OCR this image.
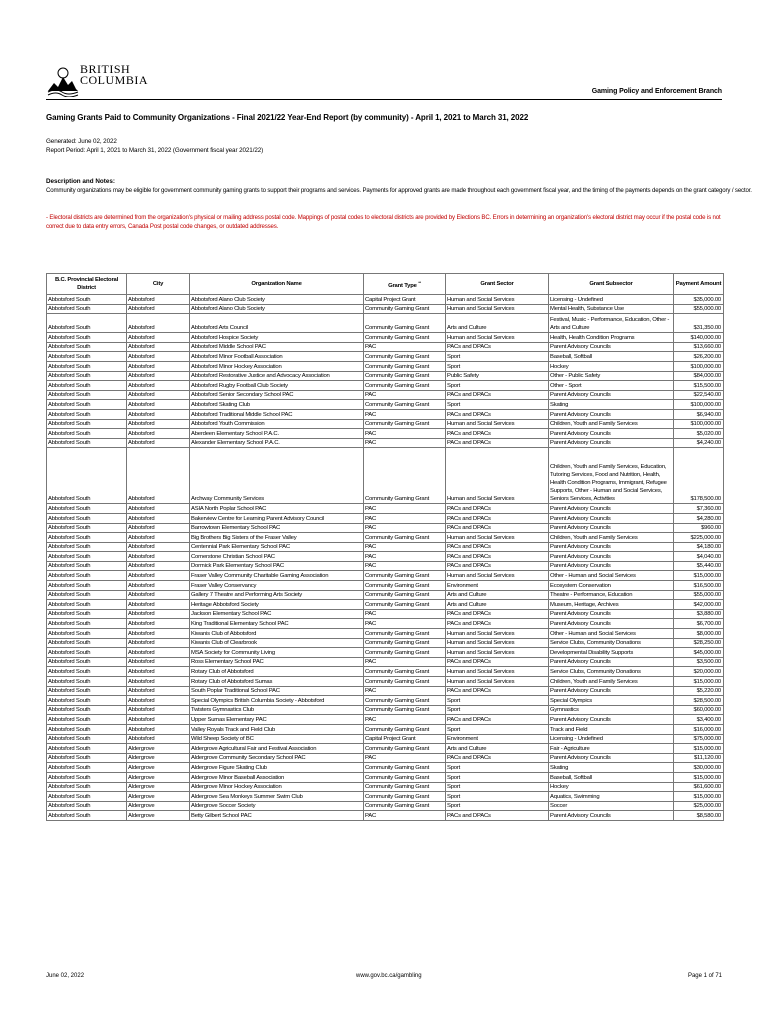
BRITISH
COLUMBIA
Gaming Policy and Enforcement Branch
Gaming Grants Paid to Community Organizations - Final 2021/22 Year-End Report (by community) - April 1, 2021 to March 31, 2022
Generated: June 02, 2022
Report Period: April 1, 2021 to March 31, 2022 (Government fiscal year 2021/22)
Description and Notes:
Community organizations may be eligible for government community gaming grants to support their programs and services. Payments for approved grants are made throughout each government fiscal year, and the timing of the payments depends on the grant category / sector.
- Electoral districts are determined from the organization's physical or mailing address postal code. Mappings of postal codes to electoral districts are provided by Elections BC. Errors in determining an organization's electoral district may occur if the postal code is not correct due to data entry errors, Canada Post postal code changes, or outdated addresses.
B.C. Provincial Electoral District	City	Organization Name	Grant Type **	Grant Sector	Grant Subsector	Payment Amount
Abbotsford South	Abbotsford	Abbotsford Alano Club Society	Capital Project Grant	Human and Social Services	Licensing - Undefined	$35,000.00
Abbotsford South	Abbotsford	Abbotsford Alano Club Society	Community Gaming Grant	Human and Social Services	Mental Health, Substance Use	$55,000.00
Abbotsford South	Abbotsford	Abbotsford Arts Council	Community Gaming Grant	Arts and Culture	Festival, Music - Performance, Education, Other - Arts and Culture	$31,350.00
Abbotsford South	Abbotsford	Abbotsford Hospice Society	Community Gaming Grant	Human and Social Services	Health, Health Condition Programs	$140,000.00
Abbotsford South	Abbotsford	Abbotsford Middle School PAC	PAC	PACs and DPACs	Parent Advisory Councils	$13,660.00
Abbotsford South	Abbotsford	Abbotsford Minor Football Association	Community Gaming Grant	Sport	Baseball, Softball	$26,200.00
Abbotsford South	Abbotsford	Abbotsford Minor Hockey Association	Community Gaming Grant	Sport	Hockey	$100,000.00
Abbotsford South	Abbotsford	Abbotsford Restorative Justice and Advocacy Association	Community Gaming Grant	Public Safety	Other - Public Safety	$84,000.00
Abbotsford South	Abbotsford	Abbotsford Rugby Football Club Society	Community Gaming Grant	Sport	Other - Sport	$15,500.00
Abbotsford South	Abbotsford	Abbotsford Senior Secondary School PAC	PAC	PACs and DPACs	Parent Advisory Councils	$22,540.00
Abbotsford South	Abbotsford	Abbotsford Skating Club	Community Gaming Grant	Sport	Skating	$100,000.00
Abbotsford South	Abbotsford	Abbotsford Traditional Middle School PAC	PAC	PACs and DPACs	Parent Advisory Councils	$6,940.00
Abbotsford South	Abbotsford	Abbotsford Youth Commission	Community Gaming Grant	Human and Social Services	Children, Youth and Family Services	$100,000.00
Abbotsford South	Abbotsford	Aberdeen Elementary School P.A.C.	PAC	PACs and DPACs	Parent Advisory Councils	$5,020.00
Abbotsford South	Abbotsford	Alexander Elementary School P.A.C.	PAC	PACs and DPACs	Parent Advisory Councils	$4,240.00
Abbotsford South	Abbotsford	Archway Community Services	Community Gaming Grant	Human and Social Services	Children, Youth and Family Services, Education, Tutoring Services, Food and Nutrition, Health, Health Condition Programs, Immigrant, Refugee Supports, Other - Human and Social Services, Seniors Services, Activities	$178,500.00
Abbotsford South	Abbotsford	ASIA North Poplar School PAC	PAC	PACs and DPACs	Parent Advisory Councils	$7,360.00
Abbotsford South	Abbotsford	Bakerview Centre for Learning Parent Advisory Council	PAC	PACs and DPACs	Parent Advisory Councils	$4,280.00
Abbotsford South	Abbotsford	Barrowtown Elementary School PAC	PAC	PACs and DPACs	Parent Advisory Councils	$960.00
Abbotsford South	Abbotsford	Big Brothers Big Sisters of the Fraser Valley	Community Gaming Grant	Human and Social Services	Children, Youth and Family Services	$225,000.00
Abbotsford South	Abbotsford	Centennial Park Elementary School PAC	PAC	PACs and DPACs	Parent Advisory Councils	$4,180.00
Abbotsford South	Abbotsford	Cornerstone Christian School PAC	PAC	PACs and DPACs	Parent Advisory Councils	$4,040.00
Abbotsford South	Abbotsford	Dormick Park Elementary School PAC	PAC	PACs and DPACs	Parent Advisory Councils	$5,440.00
Abbotsford South	Abbotsford	Fraser Valley Community Charitable Gaming Association	Community Gaming Grant	Human and Social Services	Other - Human and Social Services	$15,000.00
Abbotsford South	Abbotsford	Fraser Valley Conservancy	Community Gaming Grant	Environment	Ecosystem Conservation	$16,500.00
Abbotsford South	Abbotsford	Gallery 7 Theatre and Performing Arts Society	Community Gaming Grant	Arts and Culture	Theatre - Performance, Education	$55,000.00
Abbotsford South	Abbotsford	Heritage Abbotsford Society	Community Gaming Grant	Arts and Culture	Museum, Heritage, Archives	$42,000.00
Abbotsford South	Abbotsford	Jackson Elementary School PAC	PAC	PACs and DPACs	Parent Advisory Councils	$3,880.00
Abbotsford South	Abbotsford	King Traditional Elementary School PAC	PAC	PACs and DPACs	Parent Advisory Councils	$6,700.00
Abbotsford South	Abbotsford	Kiwanis Club of Abbotsford	Community Gaming Grant	Human and Social Services	Other - Human and Social Services	$8,000.00
Abbotsford South	Abbotsford	Kiwanis Club of Clearbrook	Community Gaming Grant	Human and Social Services	Service Clubs, Community Donations	$28,250.00
Abbotsford South	Abbotsford	MSA Society for Community Living	Community Gaming Grant	Human and Social Services	Developmental Disability Supports	$45,000.00
Abbotsford South	Abbotsford	Ross Elementary School PAC	PAC	PACs and DPACs	Parent Advisory Councils	$3,500.00
Abbotsford South	Abbotsford	Rotary Club of Abbotsford	Community Gaming Grant	Human and Social Services	Service Clubs, Community Donations	$20,000.00
Abbotsford South	Abbotsford	Rotary Club of Abbotsford Sumas	Community Gaming Grant	Human and Social Services	Children, Youth and Family Services	$15,000.00
Abbotsford South	Abbotsford	South Poplar Traditional School PAC	PAC	PACs and DPACs	Parent Advisory Councils	$5,220.00
Abbotsford South	Abbotsford	Special Olympics British Columbia Society - Abbotsford	Community Gaming Grant	Sport	Special Olympics	$28,500.00
Abbotsford South	Abbotsford	Twisters Gymnastics Club	Community Gaming Grant	Sport	Gymnastics	$60,000.00
Abbotsford South	Abbotsford	Upper Sumas Elementary PAC	PAC	PACs and DPACs	Parent Advisory Councils	$3,400.00
Abbotsford South	Abbotsford	Valley Royals Track and Field Club	Community Gaming Grant	Sport	Track and Field	$16,000.00
Abbotsford South	Abbotsford	Wild Sheep Society of BC	Capital Project Grant	Environment	Licensing - Undefined	$75,000.00
Abbotsford South	Aldergrove	Aldergrove Agricultural Fair and Festival Association	Community Gaming Grant	Arts and Culture	Fair - Agriculture	$15,000.00
Abbotsford South	Aldergrove	Aldergrove Community Secondary School PAC	PAC	PACs and DPACs	Parent Advisory Councils	$11,120.00
Abbotsford South	Aldergrove	Aldergrove Figure Skating Club	Community Gaming Grant	Sport	Skating	$30,000.00
Abbotsford South	Aldergrove	Aldergrove Minor Baseball Association	Community Gaming Grant	Sport	Baseball, Softball	$15,000.00
Abbotsford South	Aldergrove	Aldergrove Minor Hockey Association	Community Gaming Grant	Sport	Hockey	$61,600.00
Abbotsford South	Aldergrove	Aldergrove Sea Monkeys Summer Swim Club	Community Gaming Grant	Sport	Aquatics, Swimming	$15,000.00
Abbotsford South	Aldergrove	Aldergrove Soccer Society	Community Gaming Grant	Sport	Soccer	$25,000.00
Abbotsford South	Aldergrove	Betty Gilbert School PAC	PAC	PACs and DPACs	Parent Advisory Councils	$8,580.00
June 02, 2022	www.gov.bc.ca/gambling	Page 1 of 71
